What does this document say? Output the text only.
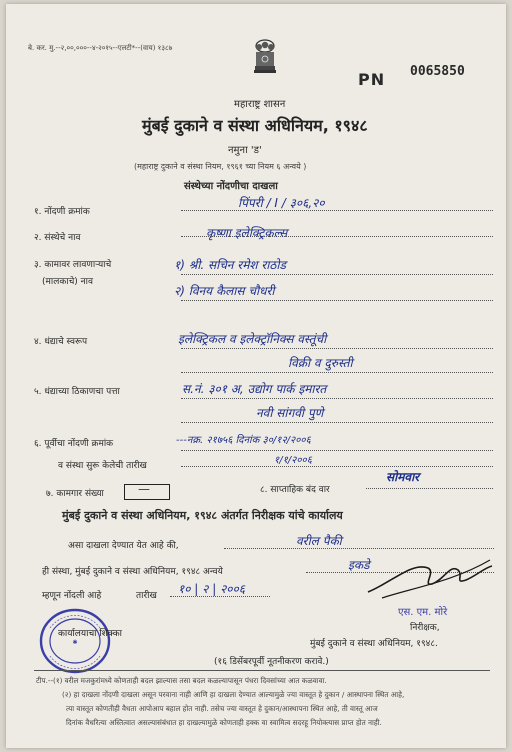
बे. कर. मु.--२,००,०००--४-२०१५--एलटी*--(वाय) १३८७
PN 0065850
महाराष्ट्र शासन
मुंबई दुकाने व संस्था अधिनियम, १९४८
नमुना 'ड'
(महाराष्ट्र दुकाने व संस्था नियम, १९६१ च्या नियम ६ अन्वये )
संस्थेच्या नोंदणीचा दाखला
१. नोंदणी क्रमांक
पिंपरी / I / ३०६,२०
२. संस्थेचे नाव	कृष्णा इलेक्ट्रिकल्स
३. कामावर लावणाऱ्याचे
(मालकाचे) नाव
१) श्री. सचिन रमेश राठोड
२) विनय कैलास चौधरी
४. धंद्याचे स्वरूप	इलेक्ट्रिकल व इलेक्ट्रॉनिक्स वस्तूंची
विक्री व दुरुस्ती
५. धंद्याच्या ठिकाणचा पत्ता	स.नं. ३०१ अ, उद्योग पार्क इमारत
नवी सांगवी पुणे
६. पूर्वीचा नोंदणी क्रमांक	---नक्र. २१७५६ दिनांक ३०/१२/२००६
व संस्था सुरू केलेची तारीख	१/१/२००६
७. कामगार संख्या	—	८. साप्ताहिक बंद वार
सोमवार
मुंबई दुकाने व संस्था अधिनियम, १९४८ अंतर्गत निरीक्षक यांचे कार्यालय
असा दाखला देण्यात येत आहे की,	वरील पैकी
ही संस्था, मुंबई दुकाने व संस्था अधिनियम, १९४८ अन्वये	इकडे
म्हणून नोंदली आहे	तारीख १० | २ | २००६
एस. एम. मोरे
निरीक्षक,
मुंबई दुकाने व संस्था अधिनियम, १९४८.
✱
कार्यालयाचा शिक्का
(१६ डिसेंबरपूर्वी नूतनीकरण करावे.)
टीप.--(१) वरील मजकुरांमध्ये कोणताही बदल झाल्यास तसा बदल कळल्यापासून पंधरा दिवसांच्या आत कळवावा.
(२) हा दाखला नोंदणी दाखला असून परवाना नाही आणि हा दाखला देण्यात आल्यामुळे ज्या वास्तूत हे दुकान / आस्थापना स्थित आहे,
त्या वास्तूत कोणतीही वैधता आपोआप बहाल होत नाही. तसेच ज्या वास्तूत हे दुकान/आस्थापना स्थित आहे, ती वास्तू आज
दिनांक वैधरित्या अस्तित्वात असल्यासंबंधात हा दाखल्यामुळे कोणताही हक्क वा स्वामित्व सदरहू नियोक्त्यास प्राप्त होत नाही.
